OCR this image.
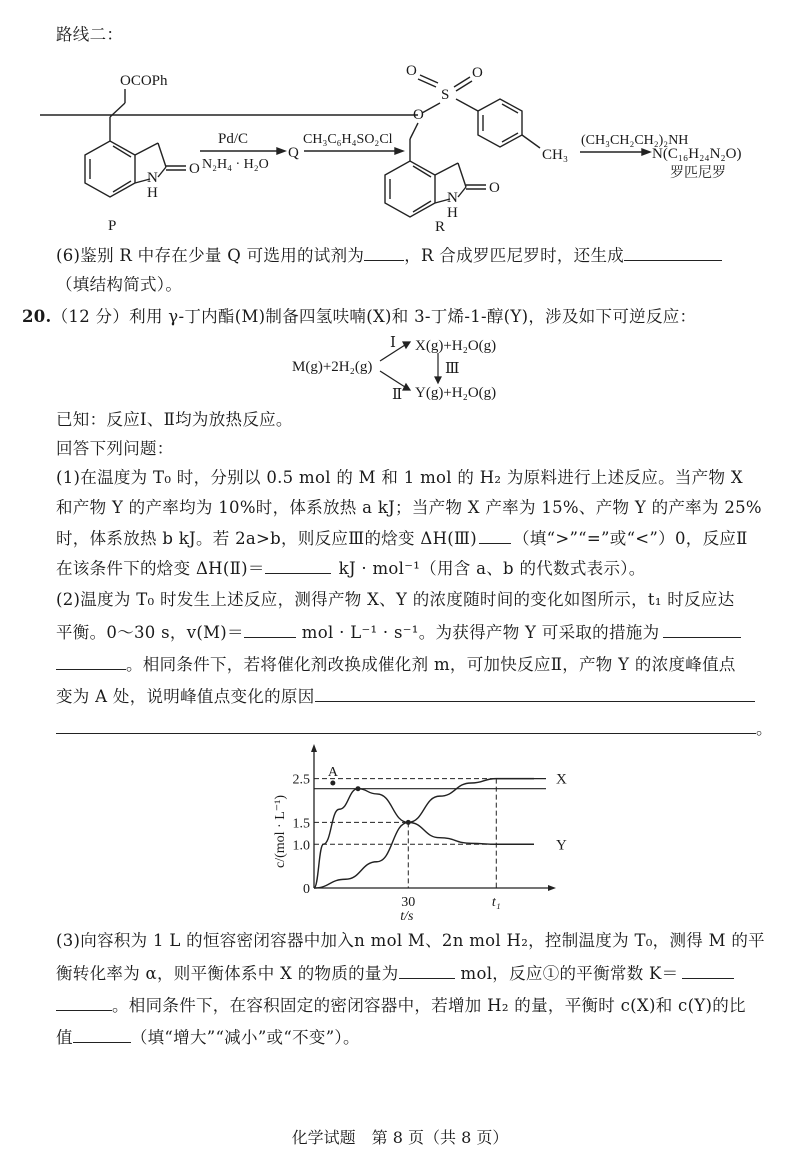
路线二：
OCOPh
N
H
O
P
Pd/C
N₂H₄ · H₂O
Q
CH₃C₆H₄SO₂Cl
N
H
O
O
S
O	O
CH₃
(CH₃CH₂CH₂)₂NH
N(C₁₆H₂₄N₂O)
罗匹尼罗
R
(6)鉴别 R 中存在少量 Q 可选用的试剂为 ，R 合成罗匹尼罗时，还生成
（填结构简式）。
20.（12 分）利用 γ-丁内酯(M)制备四氢呋喃(X)和 3-丁烯-1-醇(Y)，涉及如下可逆反应：
M(g)+2H₂(g)
X(g)+H₂O(g)
Y(g)+H₂O(g)
Ⅰ
Ⅱ
Ⅲ
已知：反应Ⅰ、Ⅱ均为放热反应。
回答下列问题：
(1)在温度为 T₀ 时，分别以 0.5 mol 的 M 和 1 mol 的 H₂ 为原料进行上述反应。当产物 X
和产物 Y 的产率均为 10%时，体系放热 a kJ；当产物 X 产率为 15%、产物 Y 的产率为 25%
时，体系放热 b kJ。若 2a>b，则反应Ⅲ的焓变 ΔH(Ⅲ) （填“>”“=”或“<”）0，反应Ⅱ
在该条件下的焓变 ΔH(Ⅱ)＝	kJ · mol⁻¹（用含 a、b 的代数式表示）。
(2)温度为 T₀ 时发生上述反应，测得产物 X、Y 的浓度随时间的变化如图所示，t₁ 时反应达
平衡。0～30 s，v(M)＝	mol · L⁻¹ · s⁻¹。为获得产物 Y 可采取的措施为
。相同条件下，若将催化剂改换成催化剂 m，可加快反应Ⅱ，产物 Y 的浓度峰值点
变为 A 处，说明峰值点变化的原因
。
X
Y
A
0
1.0
1.5
2.5
30	t₁
t/s
c/(mol · L⁻¹)
(3)向容积为 1 L 的恒容密闭容器中加入n mol M、2n mol H₂，控制温度为 T₀，测得 M 的平
衡转化率为 α，则平衡体系中 X 的物质的量为	mol，反应①的平衡常数 K＝
。相同条件下，在容积固定的密闭容器中，若增加 H₂ 的量，平衡时 c(X)和 c(Y)的比
值	（填“增大”“减小”或“不变”）。
化学试题　第 8 页（共 8 页）
